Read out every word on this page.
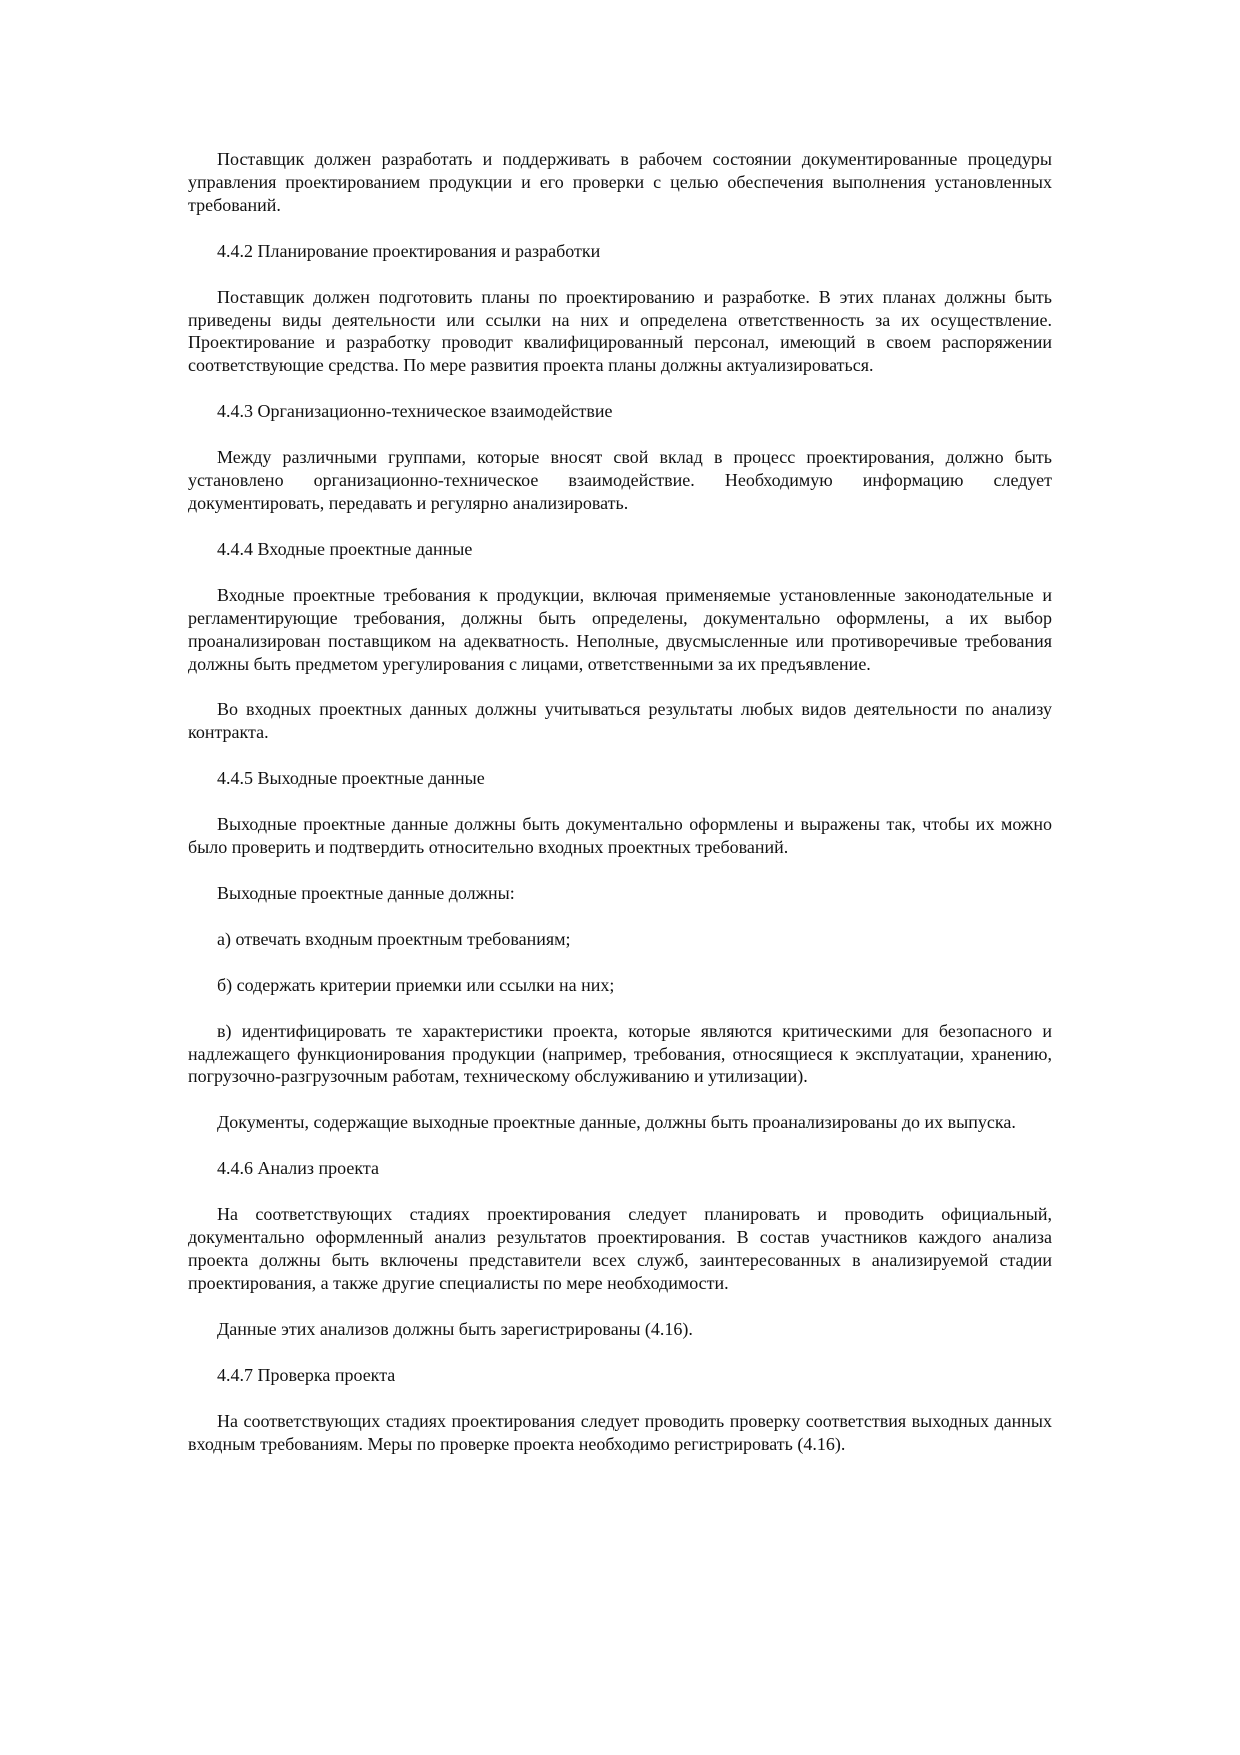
Поставщик должен разработать и поддерживать в рабочем состоянии документированные процедуры управления проектированием продукции и его проверки с целью обеспечения выполнения установленных требований.

4.4.2 Планирование проектирования и разработки

Поставщик должен подготовить планы по проектированию и разработке. В этих планах должны быть приведены виды деятельности или ссылки на них и определена ответственность за их осуществление. Проектирование и разработку проводит квалифицированный персонал, имеющий в своем распоряжении соответствующие средства. По мере развития проекта планы должны актуализироваться.

4.4.3 Организационно-техническое взаимодействие

Между различными группами, которые вносят свой вклад в процесс проектирования, должно быть установлено организационно-техническое взаимодействие. Необходимую информацию следует документировать, передавать и регулярно анализировать.

4.4.4 Входные проектные данные

Входные проектные требования к продукции, включая применяемые установленные законодательные и регламентирующие требования, должны быть определены, документально оформлены, а их выбор проанализирован поставщиком на адекватность. Неполные, двусмысленные или противоречивые требования должны быть предметом урегулирования с лицами, ответственными за их предъявление.

Во входных проектных данных должны учитываться результаты любых видов деятельности по анализу контракта.

4.4.5 Выходные проектные данные

Выходные проектные данные должны быть документально оформлены и выражены так, чтобы их можно было проверить и подтвердить относительно входных проектных требований.

Выходные проектные данные должны:

а) отвечать входным проектным требованиям;

б) содержать критерии приемки или ссылки на них;

в) идентифицировать те характеристики проекта, которые являются критическими для безопасного и надлежащего функционирования продукции (например, требования, относящиеся к эксплуатации, хранению, погрузочно-разгрузочным работам, техническому обслуживанию и утилизации).

Документы, содержащие выходные проектные данные, должны быть проанализированы до их выпуска.

4.4.6 Анализ проекта

На соответствующих стадиях проектирования следует планировать и проводить официальный, документально оформленный анализ результатов проектирования. В состав участников каждого анализа проекта должны быть включены представители всех служб, заинтересованных в анализируемой стадии проектирования, а также другие специалисты по мере необходимости.

Данные этих анализов должны быть зарегистрированы (4.16).

4.4.7 Проверка проекта

На соответствующих стадиях проектирования следует проводить проверку соответствия выходных данных входным требованиям. Меры по проверке проекта необходимо регистрировать (4.16).
